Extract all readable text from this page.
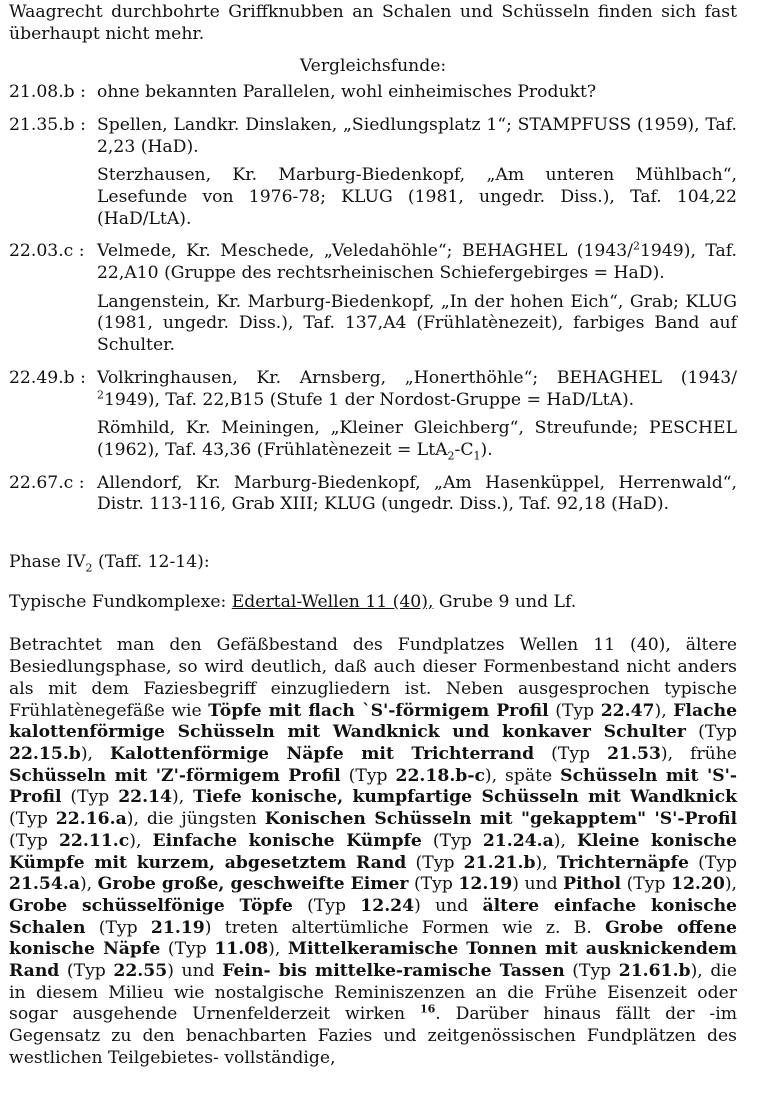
Waagrecht durchbohrte Griffknubben an Schalen und Schüsseln finden sich fast überhaupt nicht mehr.

Vergleichsfunde:
21.08.b : ohne bekannten Parallelen, wohl einheimisches Produkt?
21.35.b : Spellen, Landkr. Dinslaken, „Siedlungsplatz 1“; STAMPFUSS (1959), Taf. 2,23 (HaD).
Sterzhausen, Kr. Marburg-Biedenkopf, „Am unteren Mühlbach“, Lesefunde von 1976-78; KLUG (1981, ungedr. Diss.), Taf. 104,22 (HaD/LtA).
22.03.c : Velmede, Kr. Meschede, „Veledahöhle“; BEHAGHEL (1943/$^2$1949), Taf. 22,A10 (Gruppe des rechtsrheinischen Schiefergebirges = HaD).
Langenstein, Kr. Marburg-Biedenkopf, „In der hohen Eich“, Grab; KLUG (1981, ungedr. Diss.), Taf. 137,A4 (Frühlatènezeit), farbiges Band auf Schulter.
22.49.b : Volkringhausen, Kr. Arnsberg, „Honerthöhle“; BEHAGHEL (1943/ $^2$1949), Taf. 22,B15 (Stufe 1 der Nordost-Gruppe = HaD/LtA).
Römhild, Kr. Meiningen, „Kleiner Gleichberg“, Streufunde; PESCHEL (1962), Taf. 43,36 (Frühlatènezeit = $LtA_2-C_1$).
22.67.c : Allendorf, Kr. Marburg-Biedenkopf, „Am Hasenküppel, Herrenwald“, Distr. 113-116, Grab XIII; KLUG (ungedr. Diss.), Taf. 92,18 (HaD).

Phase $IV_2$ (Taff. 12-14):

Typische Fundkomplexe: Edertal-Wellen 11 (40), Grube 9 und Lf.

Betrachtet man den Gefäßbestand des Fundplatzes Wellen 11 (40), ältere Besiedlungsphase, so wird deutlich, daß auch dieser Formenbestand nicht anders als mit dem Faziesbegriff einzugliedern ist. Neben ausgesprochen typische Frühlatènegefäße wie Töpfe mit flach `S'-förmigem Profil (Typ 22.47), Flache kalottenförmige Schüsseln mit Wandknick und konkaver Schulter (Typ 22.15.b), Kalottenförmige Näpfe mit Trichterrand (Typ 21.53), frühe Schüsseln mit 'Z'-förmigem Profil (Typ 22.18.b-c), späte Schüsseln mit 'S'-Profil (Typ 22.14), Tiefe konische, kumpfartige Schüsseln mit Wandknick (Typ 22.16.a), die jüngsten Konischen Schüsseln mit "gekapptem" 'S'-Profil (Typ 22.11.c), Einfache konische Kümpfe (Typ 21.24.a), Kleine konische Kümpfe mit kurzem, abgesetztem Rand (Typ 21.21.b), Trichternäpfe (Typ 21.54.a), Grobe große, geschweifte Eimer (Typ 12.19) und Pithol (Typ 12.20), Grobe schüsselfönige Töpfe (Typ 12.24) und ältere einfache konische Schalen (Typ 21.19) treten altertümliche Formen wie z. B. Grobe offene konische Näpfe (Typ 11.08), Mittelkeramische Tonnen mit ausknickendem Rand (Typ 22.55) und Fein- bis mittelke-ramische Tassen (Typ 21.61.b), die in diesem Milieu wie nostalgische Reminiszenzen an die Frühe Eisenzeit oder sogar ausgehende Urnenfelderzeit wirken $^{16}$. Darüber hinaus fällt der -im Gegensatz zu den benachbarten Fazies und zeitgenössischen Fundplätzen des westlichen Teilgebietes- vollständige,
